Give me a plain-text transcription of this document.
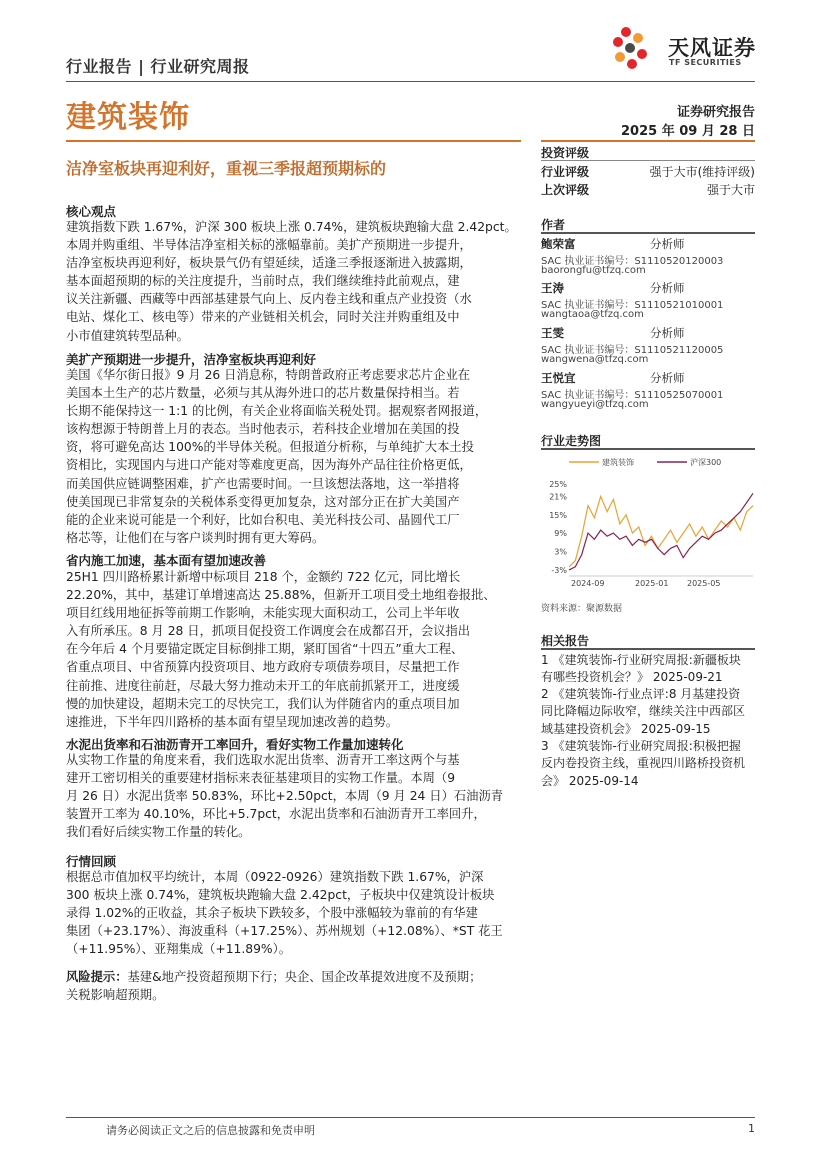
行业报告 | 行业研究周报
天风证券
TF SECURITIES
建筑装饰	证券研究报告
2025 年 09 月 28 日
洁净室板块再迎利好，重视三季报超预期标的
核心观点
建筑指数下跌 1.67%，沪深 300 板块上涨 0.74%，建筑板块跑输大盘 2.42pct。
本周并购重组、半导体洁净室相关标的涨幅靠前。美扩产预期进一步提升，
洁净室板块再迎利好，板块景气仍有望延续，适逢三季报逐渐进入披露期，
基本面超预期的标的关注度提升，当前时点，我们继续维持此前观点，建
议关注新疆、西藏等中西部基建景气向上、反内卷主线和重点产业投资（水
电站、煤化工、核电等）带来的产业链相关机会，同时关注并购重组及中
小市值建筑转型品种。
美扩产预期进一步提升，洁净室板块再迎利好
美国《华尔街日报》9 月 26 日消息称，特朗普政府正考虑要求芯片企业在
美国本土生产的芯片数量，必须与其从海外进口的芯片数量保持相当。若
长期不能保持这一 1:1 的比例，有关企业将面临关税处罚。据观察者网报道，
该构想源于特朗普上月的表态。当时他表示，若科技企业增加在美国的投
资，将可避免高达 100%的半导体关税。但报道分析称，与单纯扩大本土投
资相比，实现国内与进口产能对等难度更高，因为海外产品往往价格更低，
而美国供应链调整困难，扩产也需要时间。一旦该想法落地，这一举措将
使美国现已非常复杂的关税体系变得更加复杂，这对部分正在扩大美国产
能的企业来说可能是一个利好，比如台积电、美光科技公司、晶圆代工厂
格芯等，让他们在与客户谈判时拥有更大筹码。
省内施工加速，基本面有望加速改善
25H1 四川路桥累计新增中标项目 218 个，金额约 722 亿元，同比增长
22.20%，其中，基建订单增速高达 25.88%，但新开工项目受土地组卷报批、
项目红线用地征拆等前期工作影响，未能实现大面积动工，公司上半年收
入有所承压。8 月 28 日，抓项目促投资工作调度会在成都召开，会议指出
在今年后 4 个月要锚定既定目标倒排工期，紧盯国省“十四五”重大工程、
省重点项目、中省预算内投资项目、地方政府专项债券项目，尽量把工作
往前推、进度往前赶，尽最大努力推动未开工的年底前抓紧开工，进度缓
慢的加快建设，超期未完工的尽快完工，我们认为伴随省内的重点项目加
速推进，下半年四川路桥的基本面有望呈现加速改善的趋势。
水泥出货率和石油沥青开工率回升，看好实物工作量加速转化
从实物工作量的角度来看，我们选取水泥出货率、沥青开工率这两个与基
建开工密切相关的重要建材指标来表征基建项目的实物工作量。本周（9
月 26 日）水泥出货率 50.83%，环比+2.50pct，本周（9 月 24 日）石油沥青
装置开工率为 40.10%，环比+5.7pct，水泥出货率和石油沥青开工率回升，
我们看好后续实物工作量的转化。
行情回顾
根据总市值加权平均统计，本周（0922-0926）建筑指数下跌 1.67%，沪深
300 板块上涨 0.74%，建筑板块跑输大盘 2.42pct，子板块中仅建筑设计板块
录得 1.02%的正收益，其余子板块下跌较多，个股中涨幅较为靠前的有华建
集团（+23.17%）、海波重科（+17.25%）、苏州规划（+12.08%）、*ST 花王
（+11.95%）、亚翔集成（+11.89%）。
风险提示：基建&地产投资超预期下行；央企、国企改革提效进度不及预期；
关税影响超预期。
投资评级
行业评级	强于大市(维持评级)
上次评级	强于大市
作者
鲍荣富	分析师
SAC 执业证书编号：S1110520120003
baorongfu@tfzq.com
王涛	分析师
SAC 执业证书编号：S1110521010001
wangtaoa@tfzq.com
王雯	分析师
SAC 执业证书编号：S1110521120005
wangwena@tfzq.com
王悦宜	分析师
SAC 执业证书编号：S1110525070001
wangyueyi@tfzq.com
行业走势图
建筑装饰	沪深300
25%
21%
15%
9%
3%
-3%
2024-09	2025-01 2025-05
资料来源：聚源数据
相关报告
1 《建筑装饰-行业研究周报:新疆板块
有哪些投资机会？》 2025-09-21
2 《建筑装饰-行业点评:8 月基建投资
同比降幅边际收窄，继续关注中西部区
域基建投资机会》 2025-09-15
3 《建筑装饰-行业研究周报:积极把握
反内卷投资主线，重视四川路桥投资机
会》 2025-09-14
请务必阅读正文之后的信息披露和免责申明	1
